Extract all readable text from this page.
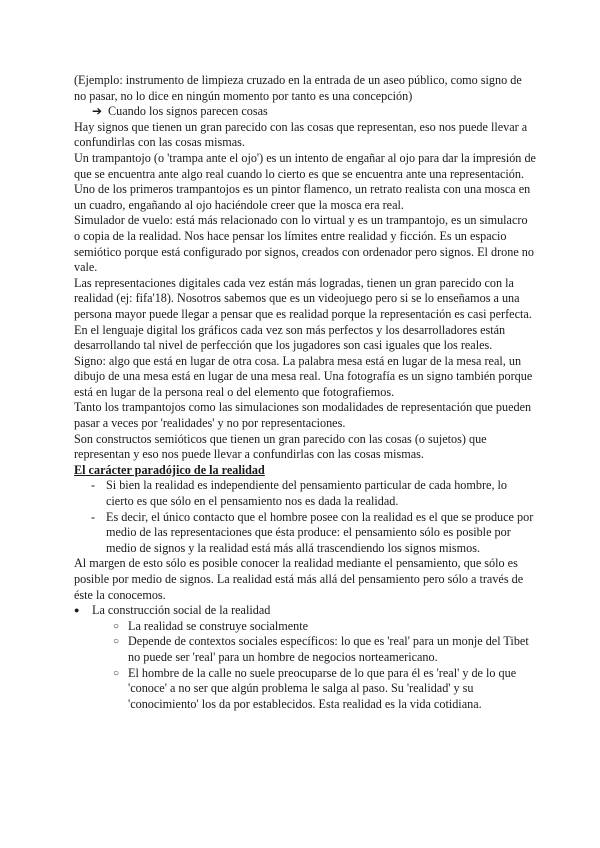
(Ejemplo: instrumento de limpieza cruzado en la entrada de un aseo público, como signo de no pasar, no lo dice en ningún momento por tanto es una concepción)

➔ Cuando los signos parecen cosas

Hay signos que tienen un gran parecido con las cosas que representan, eso nos puede llevar a confundirlas con las cosas mismas.

Un trampantojo (o 'trampa ante el ojo') es un intento de engañar al ojo para dar la impresión de que se encuentra ante algo real cuando lo cierto es que se encuentra ante una representación. Uno de los primeros trampantojos es un pintor flamenco, un retrato realista con una mosca en un cuadro, engañando al ojo haciéndole creer que la mosca era real.

Simulador de vuelo: está más relacionado con lo virtual y es un trampantojo, es un simulacro o copia de la realidad. Nos hace pensar los límites entre realidad y ficción. Es un espacio semiótico porque está configurado por signos, creados con ordenador pero signos. El drone no vale.

Las representaciones digitales cada vez están más logradas, tienen un gran parecido con la realidad (ej: fifa'18). Nosotros sabemos que es un videojuego pero si se lo enseñamos a una persona mayor puede llegar a pensar que es realidad porque la representación es casi perfecta. En el lenguaje digital los gráficos cada vez son más perfectos y los desarrolladores están desarrollando tal nivel de perfección que los jugadores son casi iguales que los reales.

Signo: algo que está en lugar de otra cosa. La palabra mesa está en lugar de la mesa real, un dibujo de una mesa está en lugar de una mesa real. Una fotografía es un signo también porque está en lugar de la persona real o del elemento que fotografiemos.

Tanto los trampantojos como las simulaciones son modalidades de representación que pueden pasar a veces por 'realidades' y no por representaciones.

Son constructos semióticos que tienen un gran parecido con las cosas (o sujetos) que representan y eso nos puede llevar a confundirlas con las cosas mismas.

El carácter paradójico de la realidad

- Si bien la realidad es independiente del pensamiento particular de cada hombre, lo cierto es que sólo en el pensamiento nos es dada la realidad.
- Es decir, el único contacto que el hombre posee con la realidad es el que se produce por medio de las representaciones que ésta produce: el pensamiento sólo es posible por medio de signos y la realidad está más allá trascendiendo los signos mismos.

Al margen de esto sólo es posible conocer la realidad mediante el pensamiento, que sólo es posible por medio de signos. La realidad está más allá del pensamiento pero sólo a través de éste la conocemos.

● La construcción social de la realidad
○ La realidad se construye socialmente
○ Depende de contextos sociales específicos: lo que es 'real' para un monje del Tibet no puede ser 'real' para un hombre de negocios norteamericano.
○ El hombre de la calle no suele preocuparse de lo que para él es 'real' y de lo que 'conoce' a no ser que algún problema le salga al paso. Su 'realidad' y su 'conocimiento' los da por establecidos. Esta realidad es la vida cotidiana.
